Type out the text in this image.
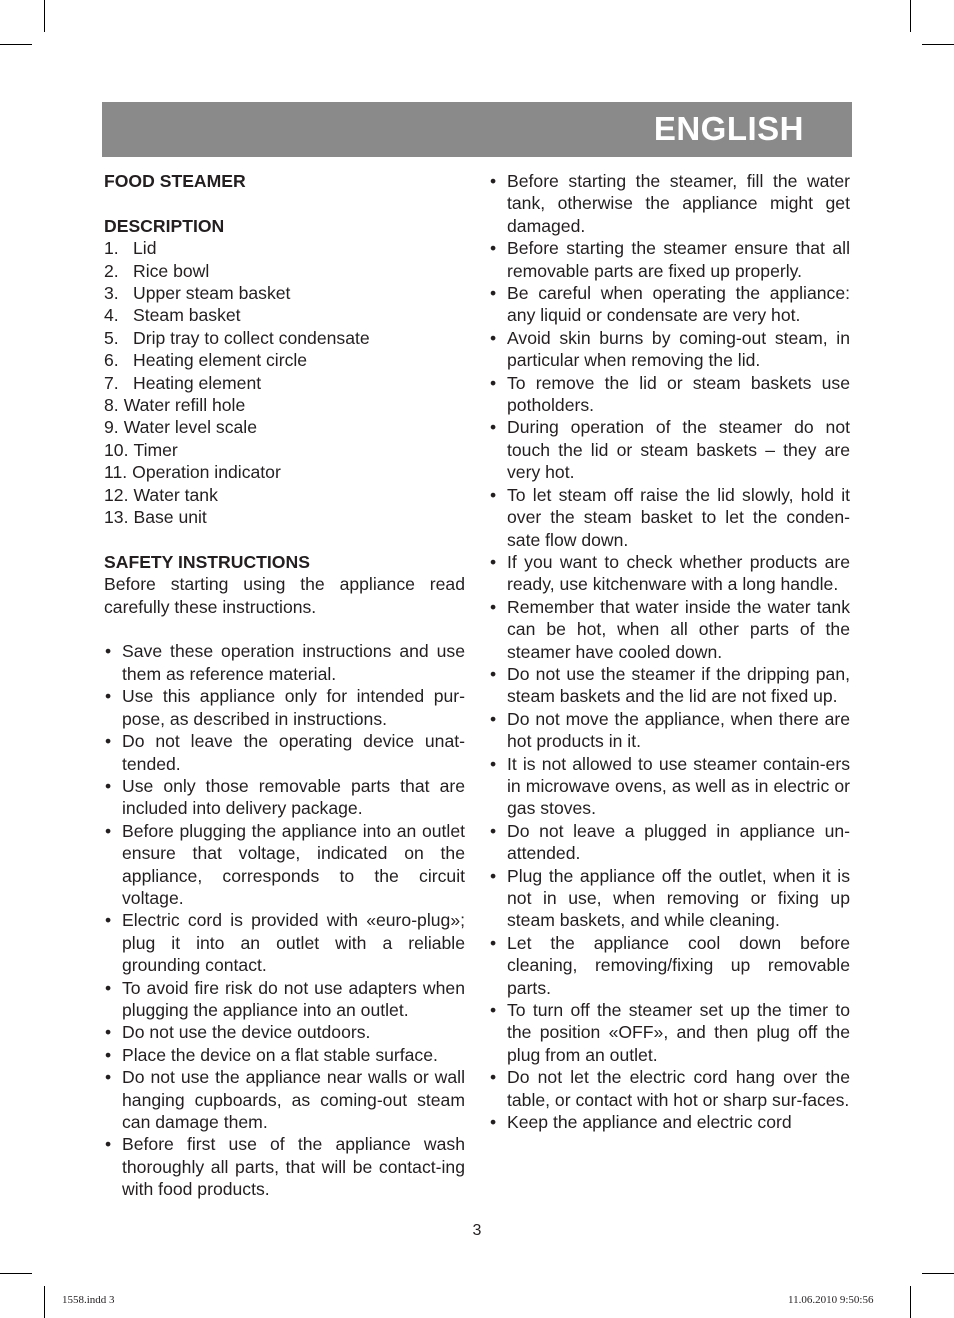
ENGLISH
FOOD STEAMER
DESCRIPTION
1. Lid
2. Rice bowl
3. Upper steam basket
4. Steam basket
5. Drip tray to collect condensate
6. Heating element circle
7. Heating element
8. Water refill hole
9. Water level scale
10. Timer
11. Operation indicator
12. Water tank
13. Base unit
SAFETY INSTRUCTIONS
Before starting using the appliance read carefully these instructions.
• Save these operation instructions and use them as reference material.
• Use this appliance only for intended pur-pose, as described in instructions.
• Do not leave the operating device unat-tended.
• Use only those removable parts that are included into delivery package.
• Before plugging the appliance into an outlet ensure that voltage, indicated on the appliance, corresponds to the circuit voltage.
• Electric cord is provided with «euro-plug»; plug it into an outlet with a reliable grounding contact.
• To avoid fire risk do not use adapters when plugging the appliance into an outlet.
• Do not use the device outdoors.
• Place the device on a flat stable surface.
• Do not use the appliance near walls or wall hanging cupboards, as coming-out steam can damage them.
• Before first use of the appliance wash thoroughly all parts, that will be contact-ing with food products.
• Before starting the steamer, fill the water tank, otherwise the appliance might get damaged.
• Before starting the steamer ensure that all removable parts are fixed up properly.
• Be careful when operating the appliance: any liquid or condensate are very hot.
• Avoid skin burns by coming-out steam, in particular when removing the lid.
• To remove the lid or steam baskets use potholders.
• During operation of the steamer do not touch the lid or steam baskets – they are very hot.
• To let steam off raise the lid slowly, hold it over the steam basket to let the conden-sate flow down.
• If you want to check whether products are ready, use kitchenware with a long handle.
• Remember that water inside the water tank can be hot, when all other parts of the steamer have cooled down.
• Do not use the steamer if the dripping pan, steam baskets and the lid are not fixed up.
• Do not move the appliance, when there are hot products in it.
• It is not allowed to use steamer contain-ers in microwave ovens, as well as in electric or gas stoves.
• Do not leave a plugged in appliance un-attended.
• Plug the appliance off the outlet, when it is not in use, when removing or fixing up steam baskets, and while cleaning.
• Let the appliance cool down before cleaning, removing/fixing up removable parts.
• To turn off the steamer set up the timer to the position «OFF», and then plug off the plug from an outlet.
• Do not let the electric cord hang over the table, or contact with hot or sharp sur-faces.
• Keep the appliance and electric cord
3
1558.indd 3	11.06.2010 9:50:56
